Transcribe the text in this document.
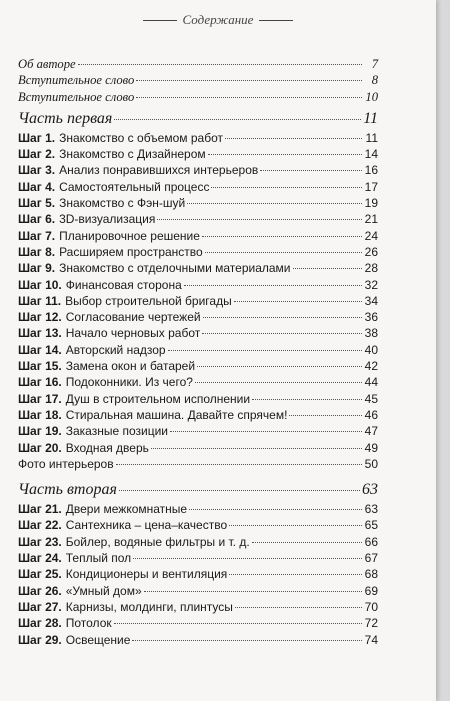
Содержание
Об авторе	7
Вступительное слово	8
Вступительное слово	10
Часть первая	11
Шаг 1. Знакомство с объемом работ	11
Шаг 2. Знакомство с Дизайнером	14
Шаг 3. Анализ понравившихся интерьеров	16
Шаг 4. Самостоятельный процесс	17
Шаг 5. Знакомство с Фэн-шуй	19
Шаг 6. 3D-визуализация	21
Шаг 7. Планировочное решение	24
Шаг 8. Расширяем пространство	26
Шаг 9. Знакомство с отделочными материалами	28
Шаг 10. Финансовая сторона	32
Шаг 11. Выбор строительной бригады	34
Шаг 12. Согласование чертежей	36
Шаг 13. Начало черновых работ	38
Шаг 14. Авторский надзор	40
Шаг 15. Замена окон и батарей	42
Шаг 16. Подоконники. Из чего?	44
Шаг 17. Душ в строительном исполнении	45
Шаг 18. Стиральная машина. Давайте спрячем!	46
Шаг 19. Заказные позиции	47
Шаг 20. Входная дверь	49
Фото интерьеров	50
Часть вторая	63
Шаг 21. Двери межкомнатные	63
Шаг 22. Сантехника – цена–качество	65
Шаг 23. Бойлер, водяные фильтры и т. д.	66
Шаг 24. Теплый пол	67
Шаг 25. Кондиционеры и вентиляция	68
Шаг 26. «Умный дом»	69
Шаг 27. Карнизы, молдинги, плинтусы	70
Шаг 28. Потолок	72
Шаг 29. Освещение	74
